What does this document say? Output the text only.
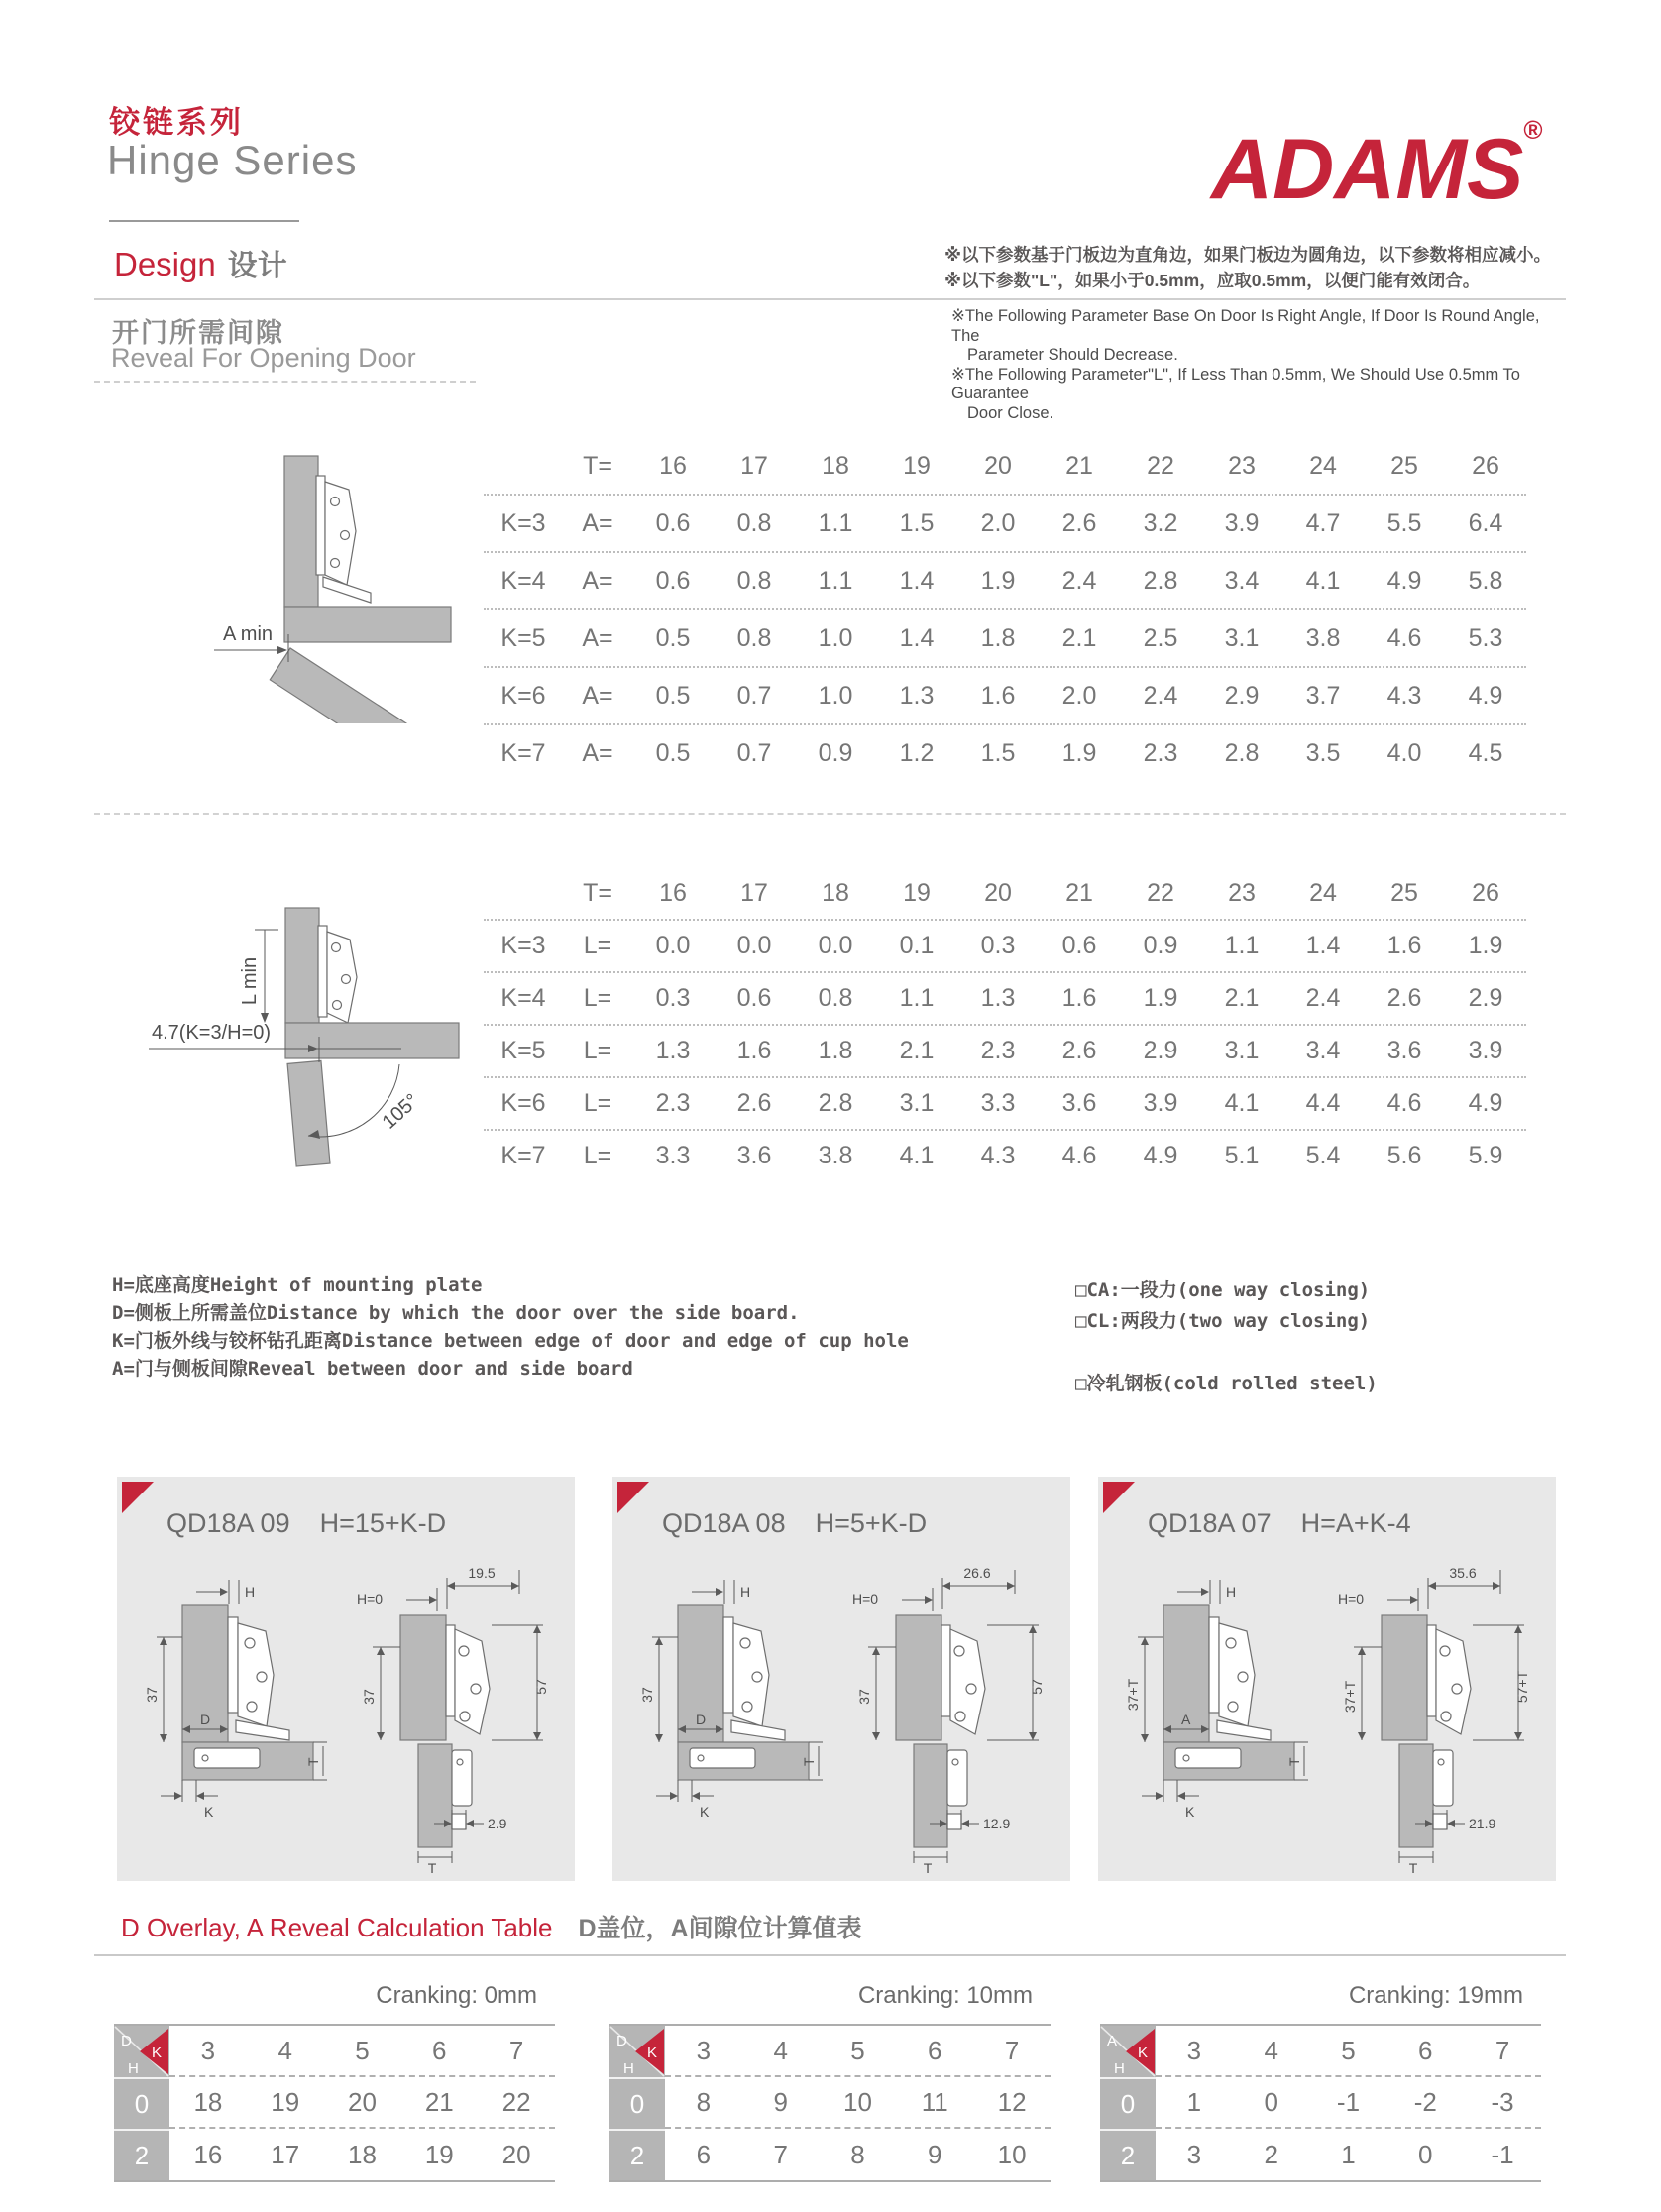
铰链系列
Hinge Series
Design 设计
ADAMS®
※以下参数基于门板边为直角边，如果门板边为圆角边，以下参数将相应减小。
※以下参数"L"，如果小于0.5mm，应取0.5mm，以便门能有效闭合。
※The Following Parameter Base On Door Is Right Angle, If Door Is Round Angle, The
Parameter Should Decrease.
※The Following Parameter"L", If Less Than 0.5mm, We Should Use 0.5mm To Guarantee
Door Close.
开门所需间隙
Reveal For Opening Door
A min
T=	16	17	18	19	20	21	22	23	24	25	26
K=3	A=	0.6	0.8	1.1	1.5	2.0	2.6	3.2	3.9	4.7	5.5	6.4
K=4	A=	0.6	0.8	1.1	1.4	1.9	2.4	2.8	3.4	4.1	4.9	5.8
K=5	A=	0.5	0.8	1.0	1.4	1.8	2.1	2.5	3.1	3.8	4.6	5.3
K=6	A=	0.5	0.7	1.0	1.3	1.6	2.0	2.4	2.9	3.7	4.3	4.9
K=7	A=	0.5	0.7	0.9	1.2	1.5	1.9	2.3	2.8	3.5	4.0	4.5
L min
4.7(K=3/H=0)
105°
T=	16	17	18	19	20	21	22	23	24	25	26
K=3	L=	0.0	0.0	0.0	0.1	0.3	0.6	0.9	1.1	1.4	1.6	1.9
K=4	L=	0.3	0.6	0.8	1.1	1.3	1.6	1.9	2.1	2.4	2.6	2.9
K=5	L=	1.3	1.6	1.8	2.1	2.3	2.6	2.9	3.1	3.4	3.6	3.9
K=6	L=	2.3	2.6	2.8	3.1	3.3	3.6	3.9	4.1	4.4	4.6	4.9
K=7	L=	3.3	3.6	3.8	4.1	4.3	4.6	4.9	5.1	5.4	5.6	5.9
H=底座高度Height of mounting plate
D=侧板上所需盖位Distance by which the door over the side board.
K=门板外线与铰杯钻孔距离Distance between edge of door and edge of cup hole
A=门与侧板间隙Reveal between door and side board
□CA:一段力(one way closing)
□CL:两段力(two way closing)
□冷轧钢板(cold rolled steel)
QD18A 09 H=15+K-D
H
37
D
T
K
19.5
H=0
37
57
2.9
T
QD18A 08 H=5+K-D
H
37
D
T
K
26.6
H=0
37
57
12.9
T
QD18A 07 H=A+K-4
H
37+T
A
T
K
35.6
H=0
37+T	57+T
21.9
T
D Overlay, A Reveal Calculation Table D盖位，A间隙位计算值表
Cranking: 0mm
D
H
K	3	4	5	6	7
0	18	19	20	21	22
2	16	17	18	19	20
Cranking: 10mm
D
H
K	3	4	5	6	7
0	8	9	10	11	12
2	6	7	8	9	10
Cranking: 19mm
A
H
K	3	4	5	6	7
0	1	0	-1	-2	-3
2	3	2	1	0	-1
